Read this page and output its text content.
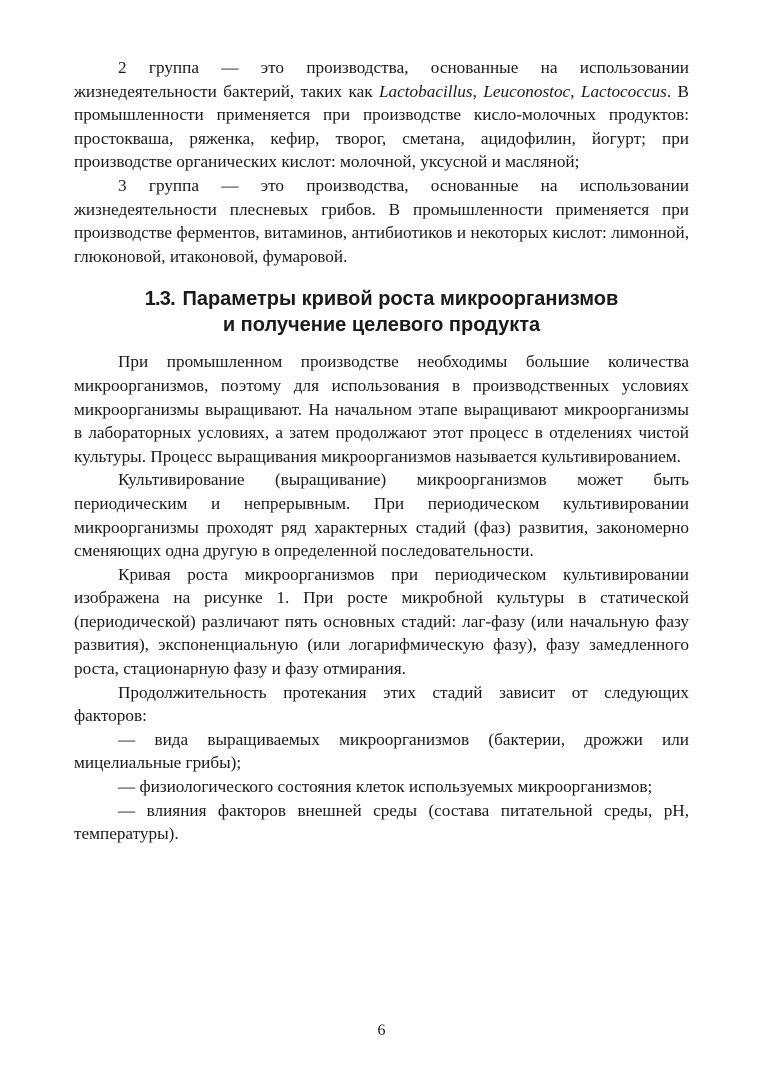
2 группа — это производства, основанные на использовании жизнедеятельности бактерий, таких как Lactobacillus, Leuconostoc, Lactococcus. В промышленности применяется при производстве кисло-молочных продуктов: простокваша, ряженка, кефир, творог, сметана, ацидофилин, йогурт; при производстве органических кислот: молочной, уксусной и масляной;

3 группа — это производства, основанные на использовании жизнедеятельности плесневых грибов. В промышленности применяется при производстве ферментов, витаминов, антибиотиков и некоторых кислот: лимонной, глюконовой, итаконовой, фумаровой.

1.3. Параметры кривой роста микроорганизмов
и получение целевого продукта

При промышленном производстве необходимы большие количества микроорганизмов, поэтому для использования в производственных условиях микроорганизмы выращивают. На начальном этапе выращивают микроорганизмы в лабораторных условиях, а затем продолжают этот процесс в отделениях чистой культуры. Процесс выращивания микроорганизмов называется культивированием.

Культивирование (выращивание) микроорганизмов может быть периодическим и непрерывным. При периодическом культивировании микроорганизмы проходят ряд характерных стадий (фаз) развития, закономерно сменяющих одна другую в определенной последовательности.

Кривая роста микроорганизмов при периодическом культивировании изображена на рисунке 1. При росте микробной культуры в статической (периодической) различают пять основных стадий: лаг-фазу (или начальную фазу развития), экспоненциальную (или логарифмическую фазу), фазу замедленного роста, стационарную фазу и фазу отмирания.

Продолжительность протекания этих стадий зависит от следующих факторов:

— вида выращиваемых микроорганизмов (бактерии, дрожжи или мицелиальные грибы);

— физиологического состояния клеток используемых микроорганизмов;

— влияния факторов внешней среды (состава питательной среды, pH, температуры).

6
